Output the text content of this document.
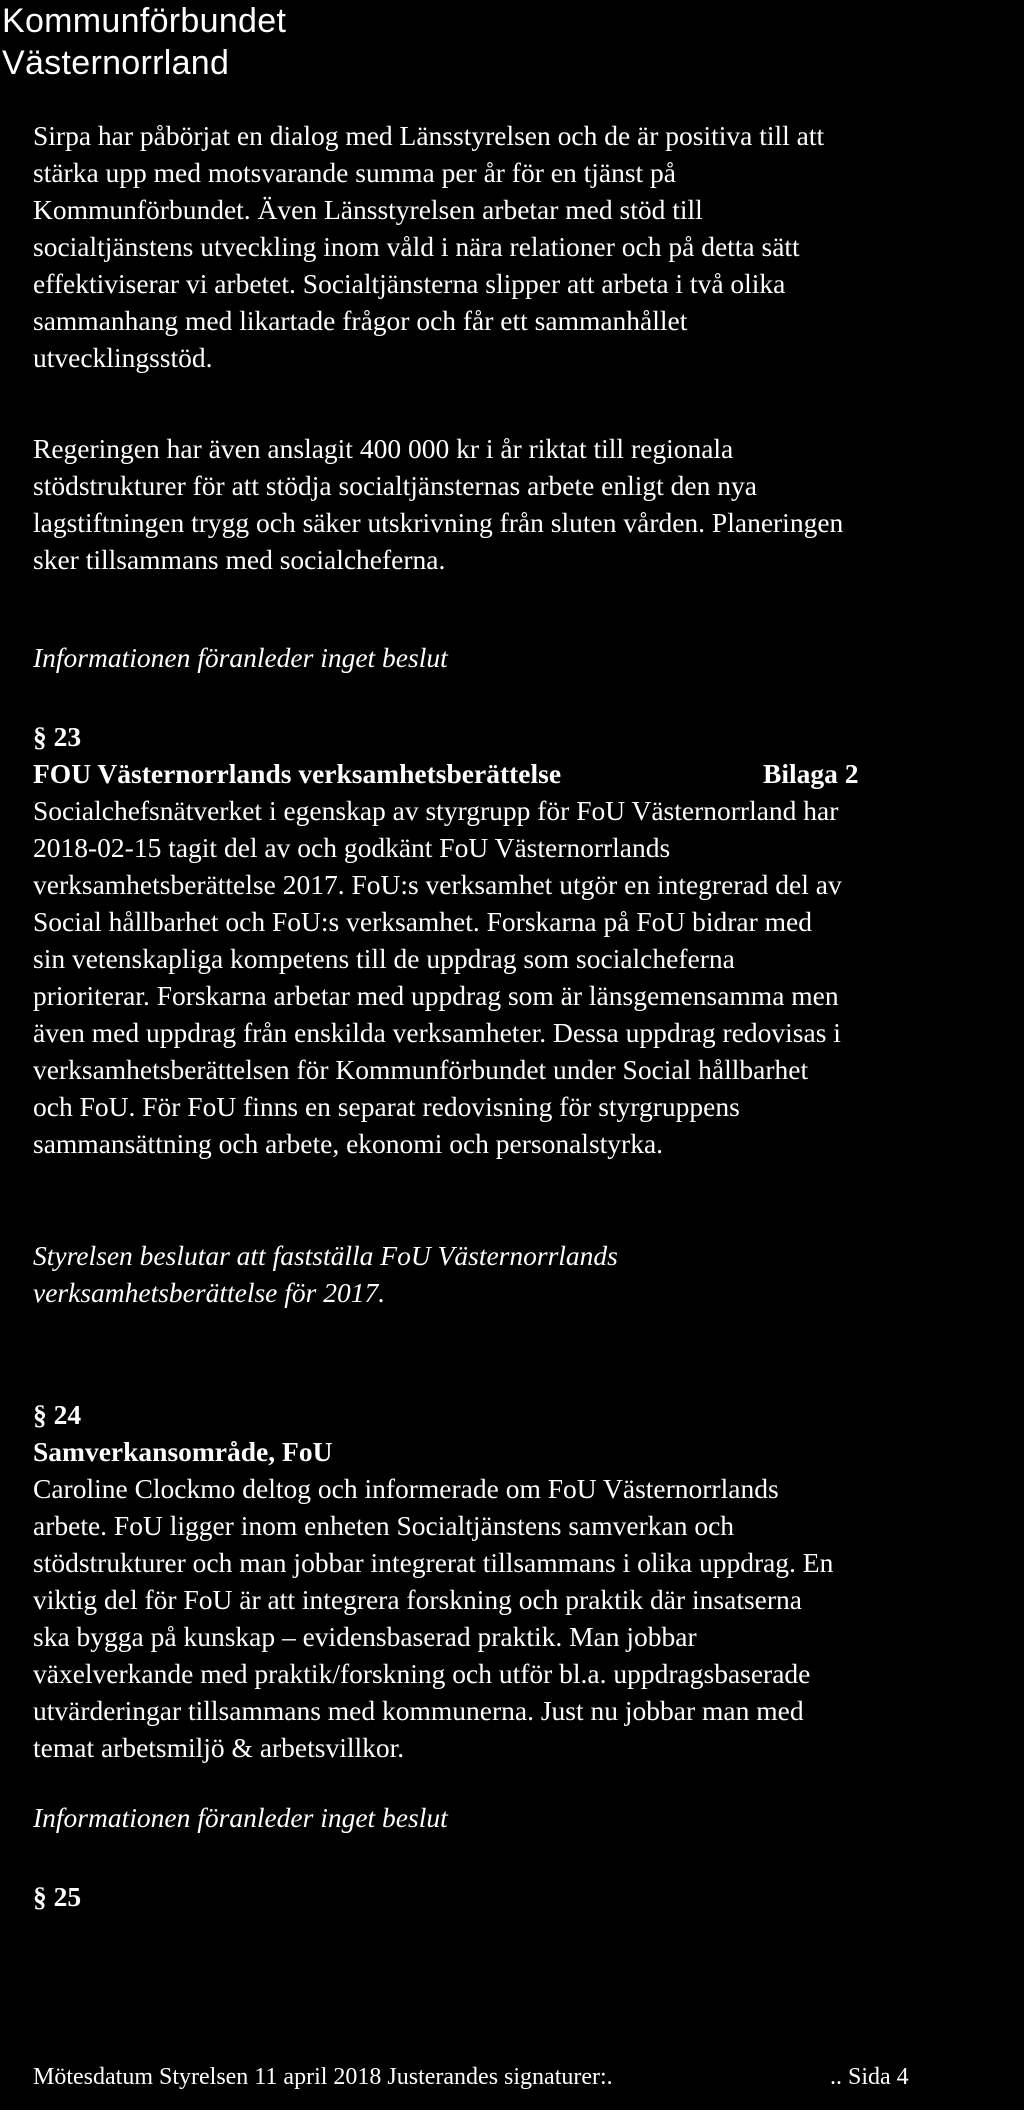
Kommunförbundet
Västernorrland
Sirpa har påbörjat en dialog med Länsstyrelsen och de är positiva till att
stärka upp med motsvarande summa per år för en tjänst på
Kommunförbundet. Även Länsstyrelsen arbetar med stöd till
socialtjänstens utveckling inom våld i nära relationer och på detta sätt
effektiviserar vi arbetet. Socialtjänsterna slipper att arbeta i två olika
sammanhang med likartade frågor och får ett sammanhållet
utvecklingsstöd.
Regeringen har även anslagit 400 000 kr i år riktat till regionala
stödstrukturer för att stödja socialtjänsternas arbete enligt den nya
lagstiftningen trygg och säker utskrivning från sluten vården. Planeringen
sker tillsammans med socialcheferna.
Informationen föranleder inget beslut
§ 23
FOU Västernorrlands verksamhetsberättelse	Bilaga 2
Socialchefsnätverket i egenskap av styrgrupp för FoU Västernorrland har
2018-02-15 tagit del av och godkänt FoU Västernorrlands
verksamhetsberättelse 2017. FoU:s verksamhet utgör en integrerad del av
Social hållbarhet och FoU:s verksamhet. Forskarna på FoU bidrar med
sin vetenskapliga kompetens till de uppdrag som socialcheferna
prioriterar. Forskarna arbetar med uppdrag som är länsgemensamma men
även med uppdrag från enskilda verksamheter. Dessa uppdrag redovisas i
verksamhetsberättelsen för Kommunförbundet under Social hållbarhet
och FoU. För FoU finns en separat redovisning för styrgruppens
sammansättning och arbete, ekonomi och personalstyrka.
Styrelsen beslutar att fastställa FoU Västernorrlands
verksamhetsberättelse för 2017.
§ 24
Samverkansområde, FoU
Caroline Clockmo deltog och informerade om FoU Västernorrlands
arbete. FoU ligger inom enheten Socialtjänstens samverkan och
stödstrukturer och man jobbar integrerat tillsammans i olika uppdrag. En
viktig del för FoU är att integrera forskning och praktik där insatserna
ska bygga på kunskap – evidensbaserad praktik. Man jobbar
växelverkande med praktik/forskning och utför bl.a. uppdragsbaserade
utvärderingar tillsammans med kommunerna. Just nu jobbar man med
temat arbetsmiljö & arbetsvillkor.
Informationen föranleder inget beslut
§ 25
Mötesdatum Styrelsen 11 april 2018 Justerandes signaturer:.	.. Sida 4
